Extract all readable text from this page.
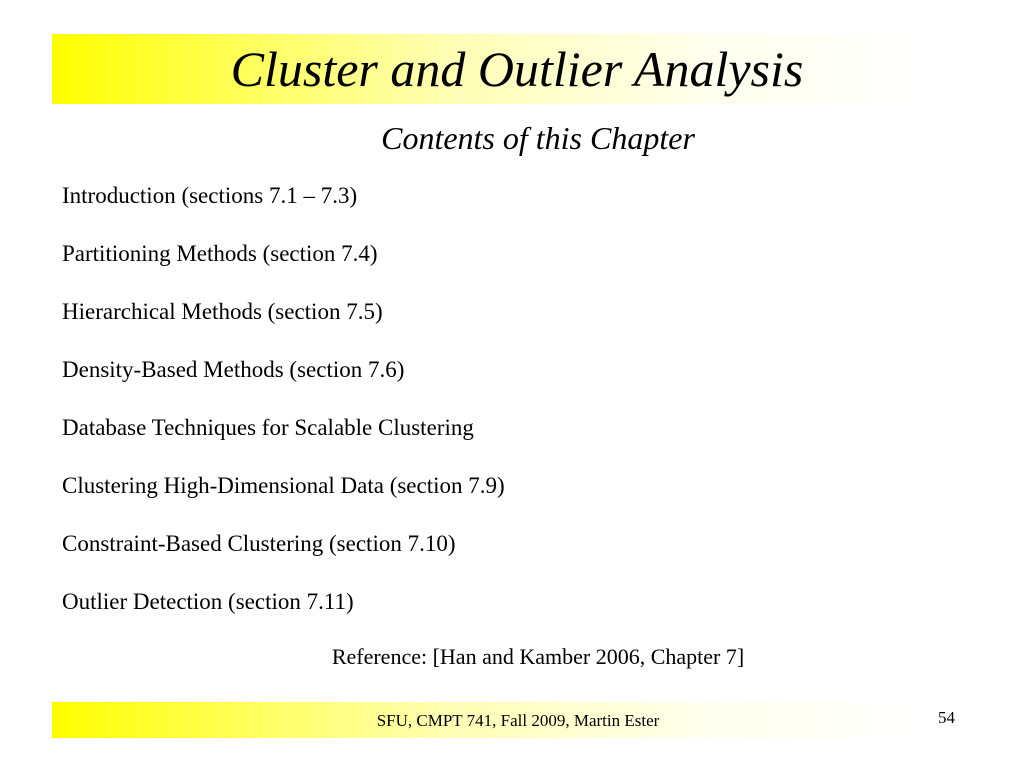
Cluster and Outlier Analysis
Contents of this Chapter
Introduction (sections 7.1 – 7.3)
Partitioning Methods (section 7.4)
Hierarchical Methods (section 7.5)
Density-Based Methods (section 7.6)
Database Techniques for Scalable Clustering
Clustering High-Dimensional Data (section 7.9)
Constraint-Based Clustering (section 7.10)
Outlier Detection (section 7.11)
Reference: [Han and Kamber 2006, Chapter 7]
SFU, CMPT 741, Fall 2009, Martin Ester	54
